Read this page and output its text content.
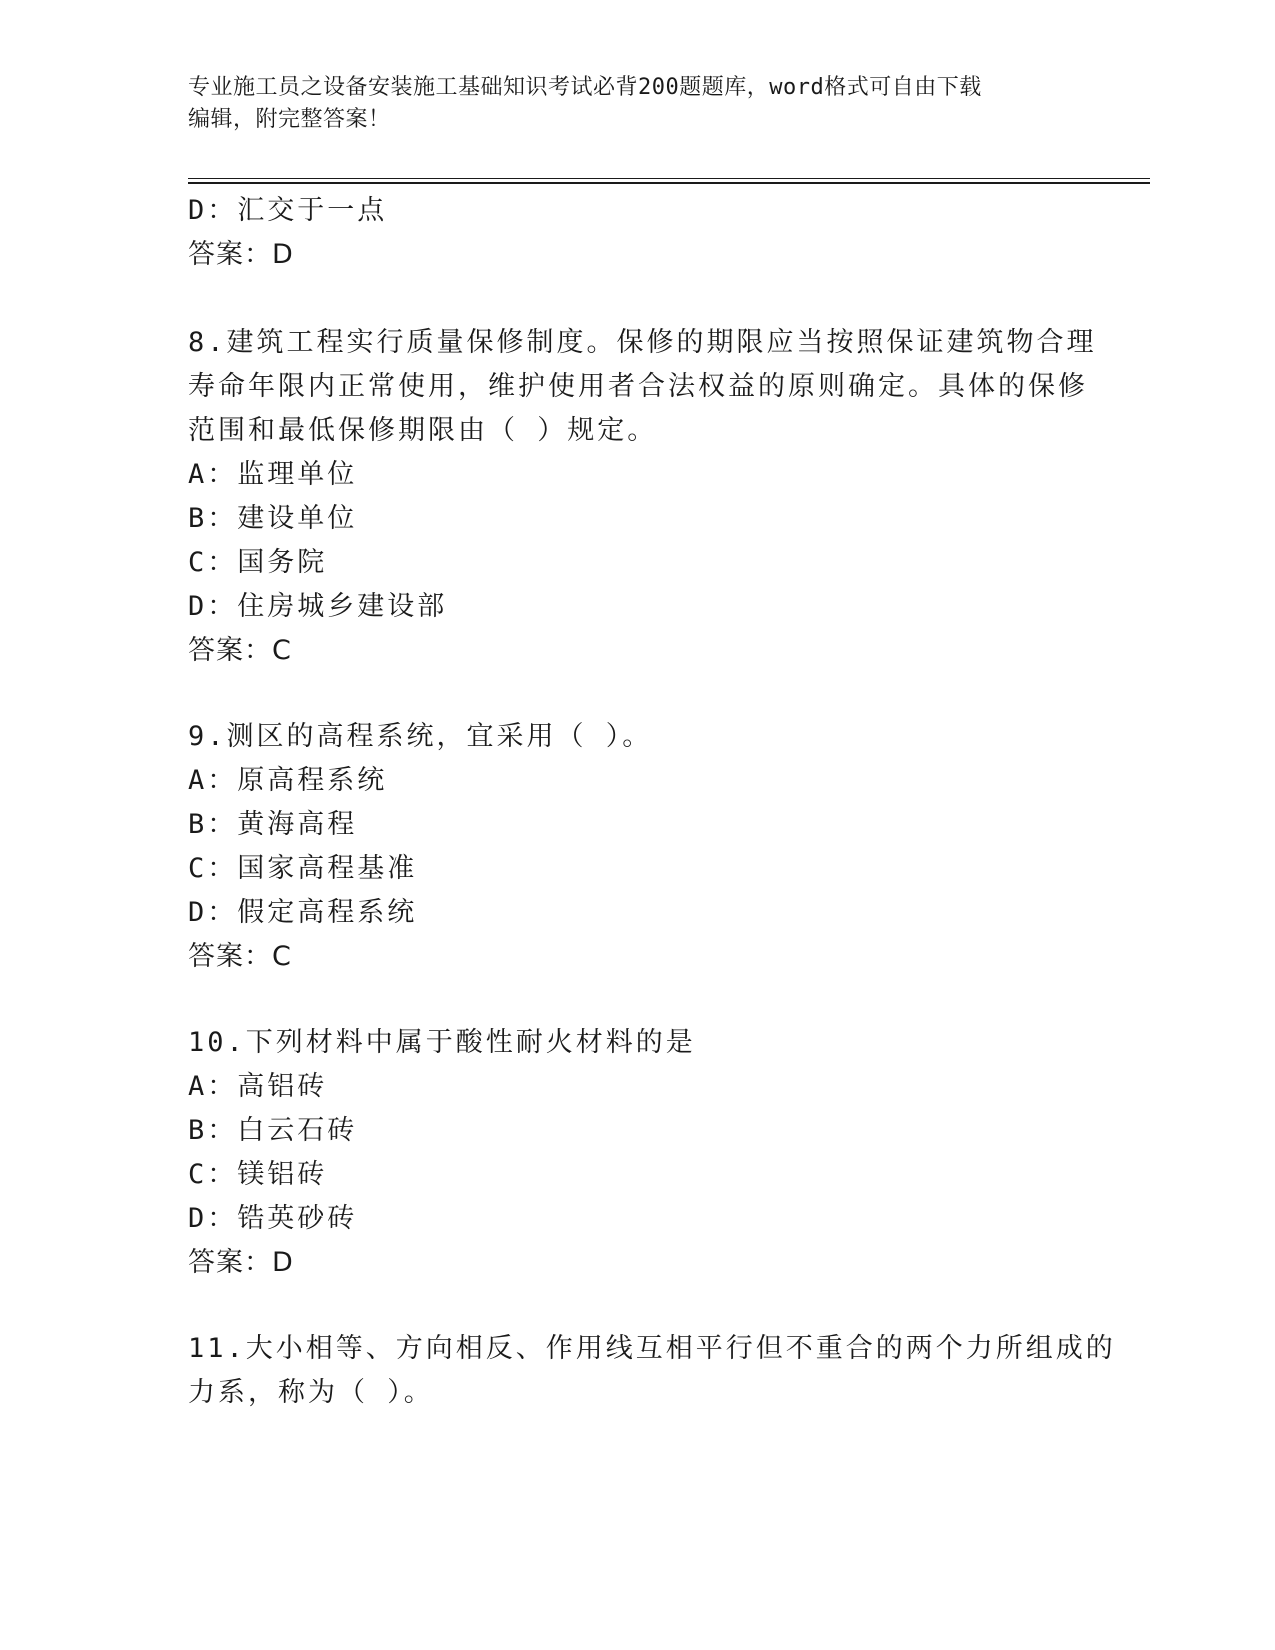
专业施工员之设备安装施工基础知识考试必背200题题库，word格式可自由下载
编辑，附完整答案！
D：汇交于一点
答案：D
8.建筑工程实行质量保修制度。保修的期限应当按照保证建筑物合理
寿命年限内正常使用，维护使用者合法权益的原则确定。具体的保修
范围和最低保修期限由（ ）规定。
A：监理单位
B：建设单位
C：国务院
D：住房城乡建设部
答案：C
9.测区的高程系统，宜采用（ ）。
A：原高程系统
B：黄海高程
C：国家高程基准
D：假定高程系统
答案：C
10.下列材料中属于酸性耐火材料的是
A：高铝砖
B：白云石砖
C：镁铝砖
D：锆英砂砖
答案：D
11.大小相等、方向相反、作用线互相平行但不重合的两个力所组成的
力系，称为（ ）。
